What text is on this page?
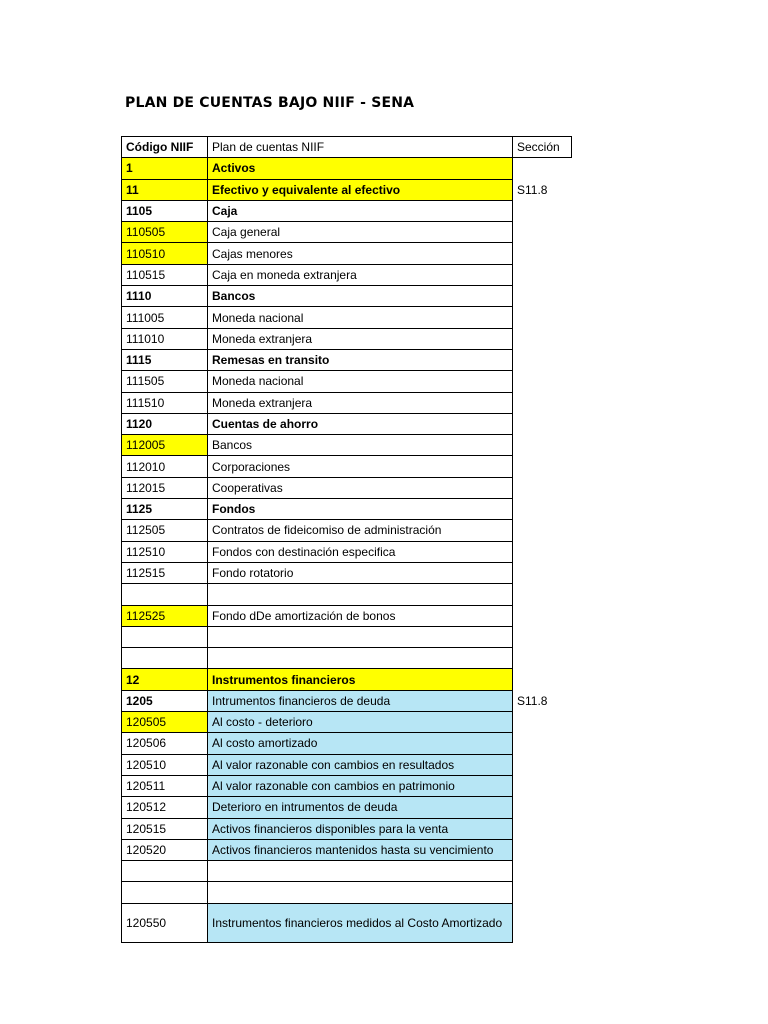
PLAN DE CUENTAS BAJO NIIF - SENA
Código NIIF	Plan de cuentas NIIF	Sección
1	Activos	
11	Efectivo y equivalente al efectivo	S11.8
1105	Caja	
110505	Caja general	
110510	Cajas menores	
110515	Caja en moneda extranjera	
1110	Bancos	
111005	Moneda nacional	
111010	Moneda extranjera	
1115	Remesas en transito	
111505	Moneda nacional	
111510	Moneda extranjera	
1120	Cuentas de ahorro	
112005	Bancos	
112010	Corporaciones	
112015	Cooperativas	
1125	Fondos	
112505	Contratos de fideicomiso de administración	
112510	Fondos con destinación especifica	
112515	Fondo rotatorio	

112525	Fondo dDe amortización de bonos	

12	Instrumentos financieros	
1205	Intrumentos financieros de deuda	S11.8
120505	Al costo - deterioro	
120506	Al costo amortizado	
120510	Al valor razonable con cambios en resultados	
120511	Al valor razonable con cambios en patrimonio	
120512	Deterioro en intrumentos de deuda	
120515	Activos financieros disponibles para la venta	
120520	Activos financieros mantenidos hasta su vencimiento	

120550	Instrumentos financieros medidos al Costo Amortizado	
